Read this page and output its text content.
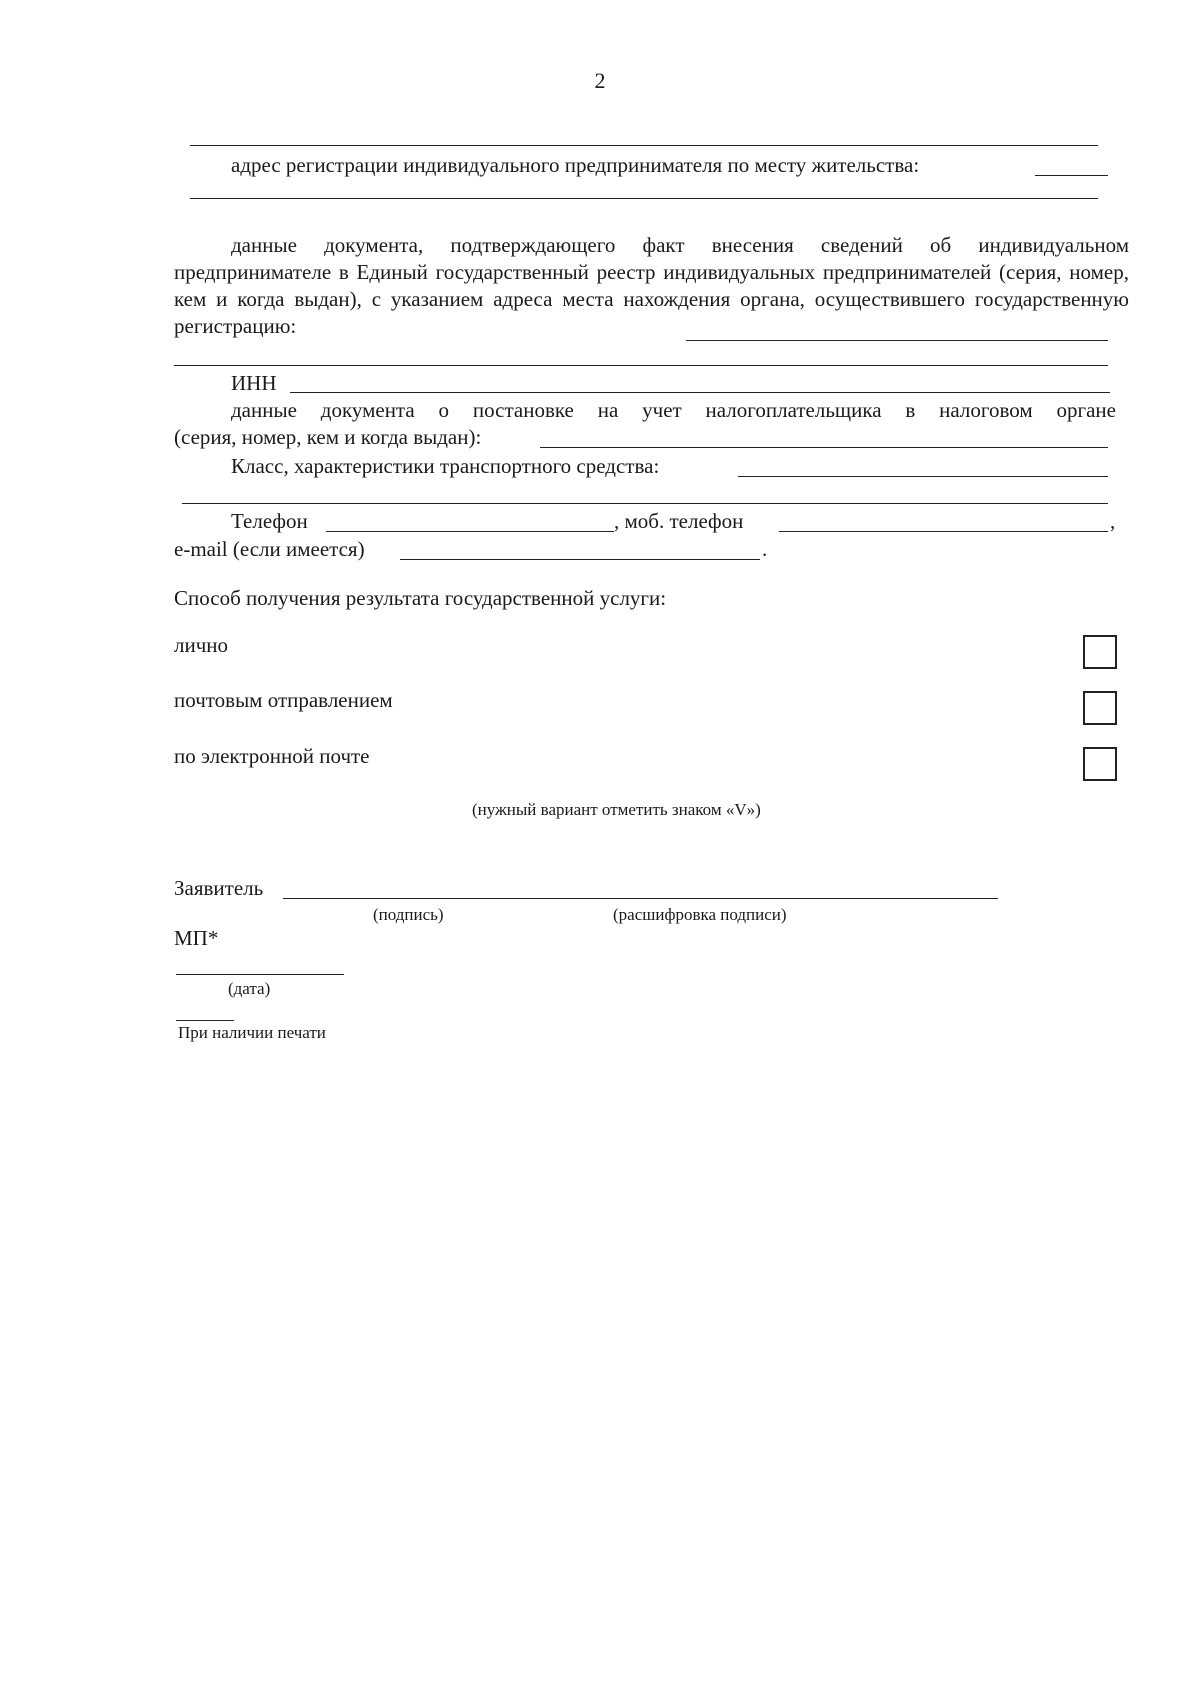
2
адрес регистрации индивидуального предпринимателя по месту жительства:
данные документа, подтверждающего факт внесения сведений об индивидуальном предпринимателе в Единый государственный реестр индивидуальных предпринимателей (серия, номер, кем и когда выдан), с указанием адреса места нахождения органа, осуществившего государственную регистрацию:
ИНН
данные документа о постановке на учет налогоплательщика в налоговом органе
(серия, номер, кем и когда выдан):
Класс, характеристики транспортного средства:
Телефон	, моб. телефон	,
e-mail (если имеется)	.
Способ получения результата государственной услуги:
лично
почтовым отправлением
по электронной почте
(нужный вариант отметить знаком «V»)
Заявитель
(подпись)	(расшифровка подписи)
МП*
(дата)
При наличии печати
